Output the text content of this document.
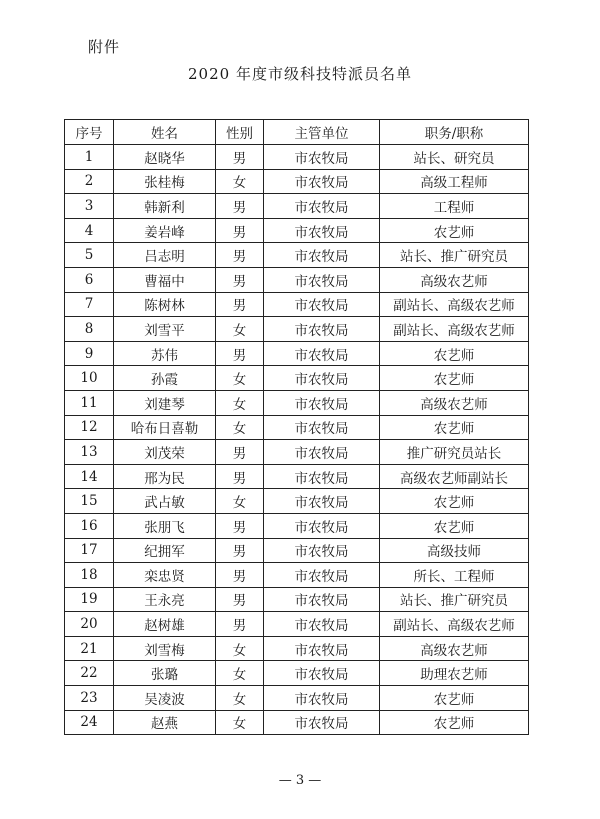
附件
2020 年度市级科技特派员名单
序号	姓名	性别	主管单位	职务/职称
1	赵晓华	男	市农牧局	站长、研究员
2	张桂梅	女	市农牧局	高级工程师
3	韩新利	男	市农牧局	工程师
4	姜岩峰	男	市农牧局	农艺师
5	吕志明	男	市农牧局	站长、推广研究员
6	曹福中	男	市农牧局	高级农艺师
7	陈树林	男	市农牧局	副站长、高级农艺师
8	刘雪平	女	市农牧局	副站长、高级农艺师
9	苏伟	男	市农牧局	农艺师
10	孙霞	女	市农牧局	农艺师
11	刘建琴	女	市农牧局	高级农艺师
12	哈布日喜勒	女	市农牧局	农艺师
13	刘茂荣	男	市农牧局	推广研究员站长
14	邢为民	男	市农牧局	高级农艺师副站长
15	武占敏	女	市农牧局	农艺师
16	张朋飞	男	市农牧局	农艺师
17	纪拥军	男	市农牧局	高级技师
18	栾忠贤	男	市农牧局	所长、工程师
19	王永亮	男	市农牧局	站长、推广研究员
20	赵树雄	男	市农牧局	副站长、高级农艺师
21	刘雪梅	女	市农牧局	高级农艺师
22	张璐	女	市农牧局	助理农艺师
23	吴凌波	女	市农牧局	农艺师
24	赵燕	女	市农牧局	农艺师
— 3 —
